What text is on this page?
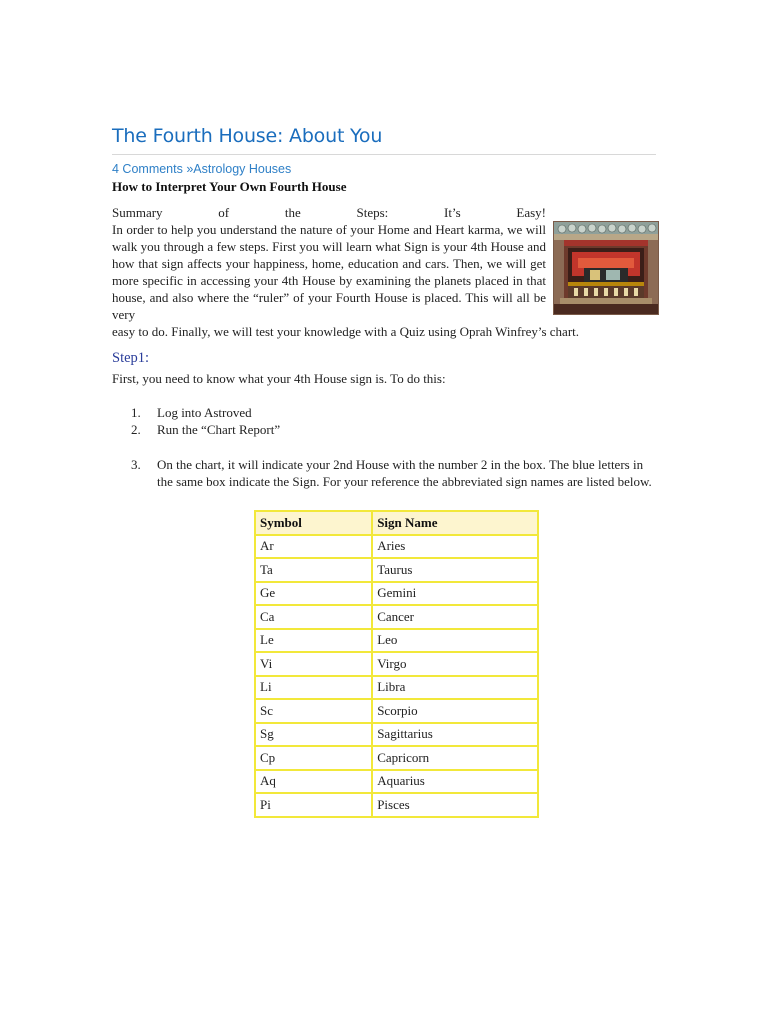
The Fourth House: About You
4 Comments »Astrology Houses
How to Interpret Your Own Fourth House
Summary	of	the	Steps:	It’s	Easy!
In order to help you understand the nature of your Home and Heart karma, we will walk you through a few steps. First you will learn what Sign is your 4th House and how that sign affects your happiness, home, education and cars. Then, we will get more specific in accessing your 4th House by examining the planets placed in that house, and also where the “ruler” of your Fourth House is placed. This will all be very
easy to do. Finally, we will test your knowledge with a Quiz using Oprah Winfrey’s chart.
Step1:
First, you need to know what your 4th House sign is. To do this:
1. Log into Astroved
2. Run the “Chart Report”
3. On the chart, it will indicate your 2nd House with the number 2 in the box. The blue letters in the same box indicate the Sign. For your reference the abbreviated sign names are listed below.
Symbol	Sign Name
Ar	Aries
Ta	Taurus
Ge	Gemini
Ca	Cancer
Le	Leo
Vi	Virgo
Li	Libra
Sc	Scorpio
Sg	Sagittarius
Cp	Capricorn
Aq	Aquarius
Pi	Pisces
